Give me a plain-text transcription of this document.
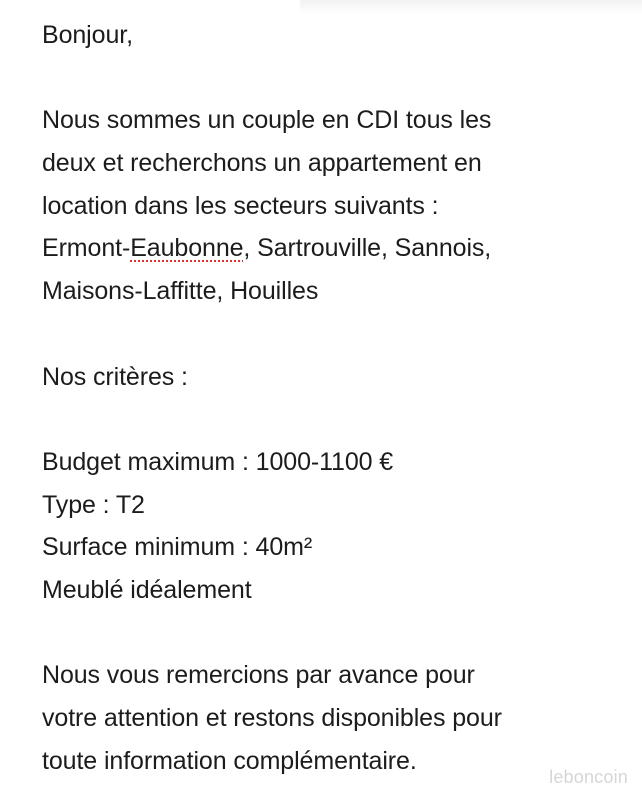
Bonjour,
Nous sommes un couple en CDI tous les
deux et recherchons un appartement en
location dans les secteurs suivants :
Ermont-Eaubonne, Sartrouville, Sannois,
Maisons-Laffitte, Houilles
Nos critères :
Budget maximum : 1000-1100 €
Type : T2
Surface minimum : 40m²
Meublé idéalement
Nous vous remercions par avance pour
votre attention et restons disponibles pour
toute information complémentaire.
leboncoin
